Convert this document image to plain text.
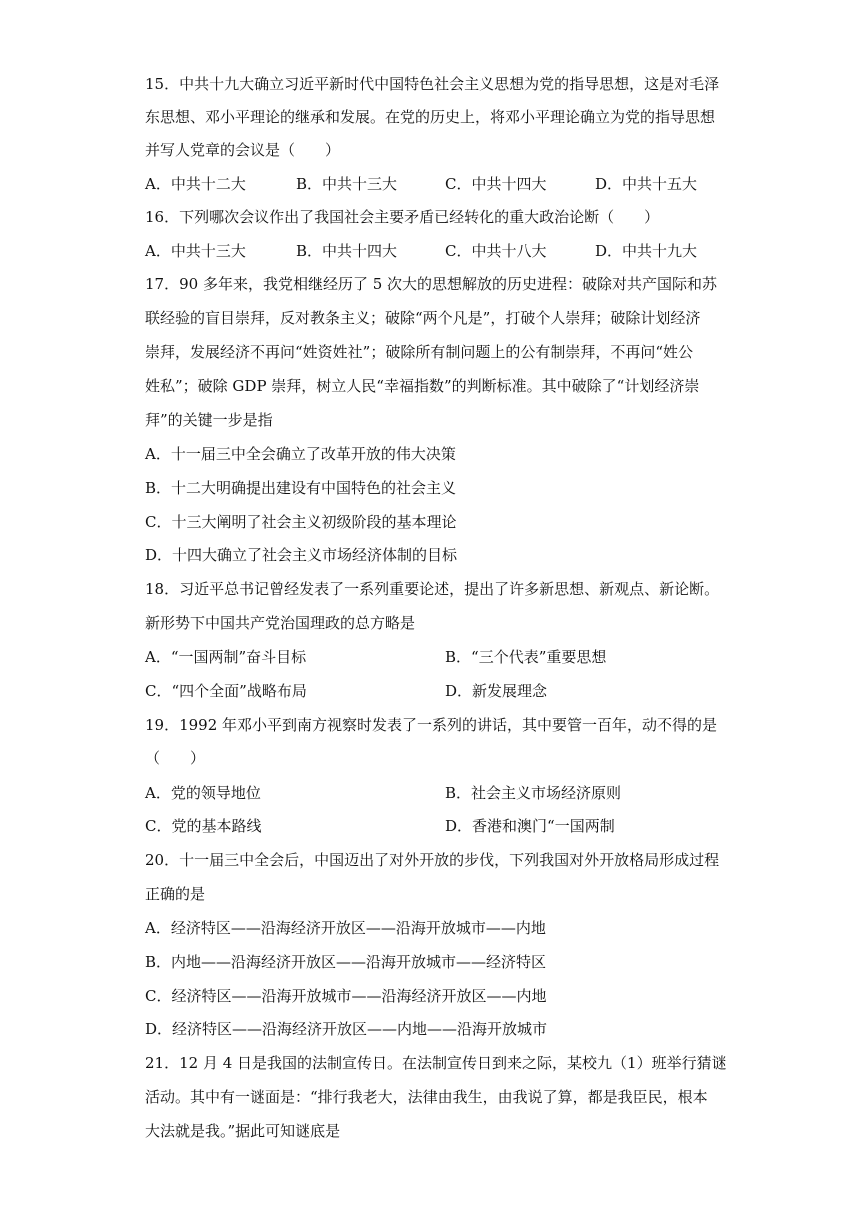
15．中共十九大确立习近平新时代中国特色社会主义思想为党的指导思想，这是对毛泽
东思想、邓小平理论的继承和发展。在党的历史上，将邓小平理论确立为党的指导思想
并写人党章的会议是（　　）
A．中共十二大	B．中共十三大	C．中共十四大	D．中共十五大
16．下列哪次会议作出了我国社会主要矛盾已经转化的重大政治论断（　　）
A．中共十三大	B．中共十四大	C．中共十八大	D．中共十九大
17．90 多年来，我党相继经历了 5 次大的思想解放的历史进程：破除对共产国际和苏
联经验的盲目崇拜，反对教条主义；破除“两个凡是”，打破个人崇拜；破除计划经济
崇拜，发展经济不再问“姓资姓社”；破除所有制问题上的公有制崇拜，不再问“姓公
姓私”；破除 GDP 崇拜，树立人民“幸福指数”的判断标准。其中破除了“计划经济崇
拜”的关键一步是指
A．十一届三中全会确立了改革开放的伟大决策
B．十二大明确提出建设有中国特色的社会主义
C．十三大阐明了社会主义初级阶段的基本理论
D．十四大确立了社会主义市场经济体制的目标
18．习近平总书记曾经发表了一系列重要论述，提出了许多新思想、新观点、新论断。
新形势下中国共产党治国理政的总方略是
A．“一国两制”奋斗目标	B．“三个代表”重要思想
C．“四个全面”战略布局	D．新发展理念
19．1992 年邓小平到南方视察时发表了一系列的讲话，其中要管一百年，动不得的是
（　　）
A．党的领导地位	B．社会主义市场经济原则
C．党的基本路线	D．香港和澳门“一国两制
20．十一届三中全会后，中国迈出了对外开放的步伐，下列我国对外开放格局形成过程
正确的是
A．经济特区——沿海经济开放区——沿海开放城市——内地
B．内地——沿海经济开放区——沿海开放城市——经济特区
C．经济特区——沿海开放城市——沿海经济开放区——内地
D．经济特区——沿海经济开放区——内地——沿海开放城市
21．12 月 4 日是我国的法制宣传日。在法制宣传日到来之际，某校九（1）班举行猜谜
活动。其中有一谜面是：“排行我老大，法律由我生，由我说了算，都是我臣民，根本
大法就是我。”据此可知谜底是
